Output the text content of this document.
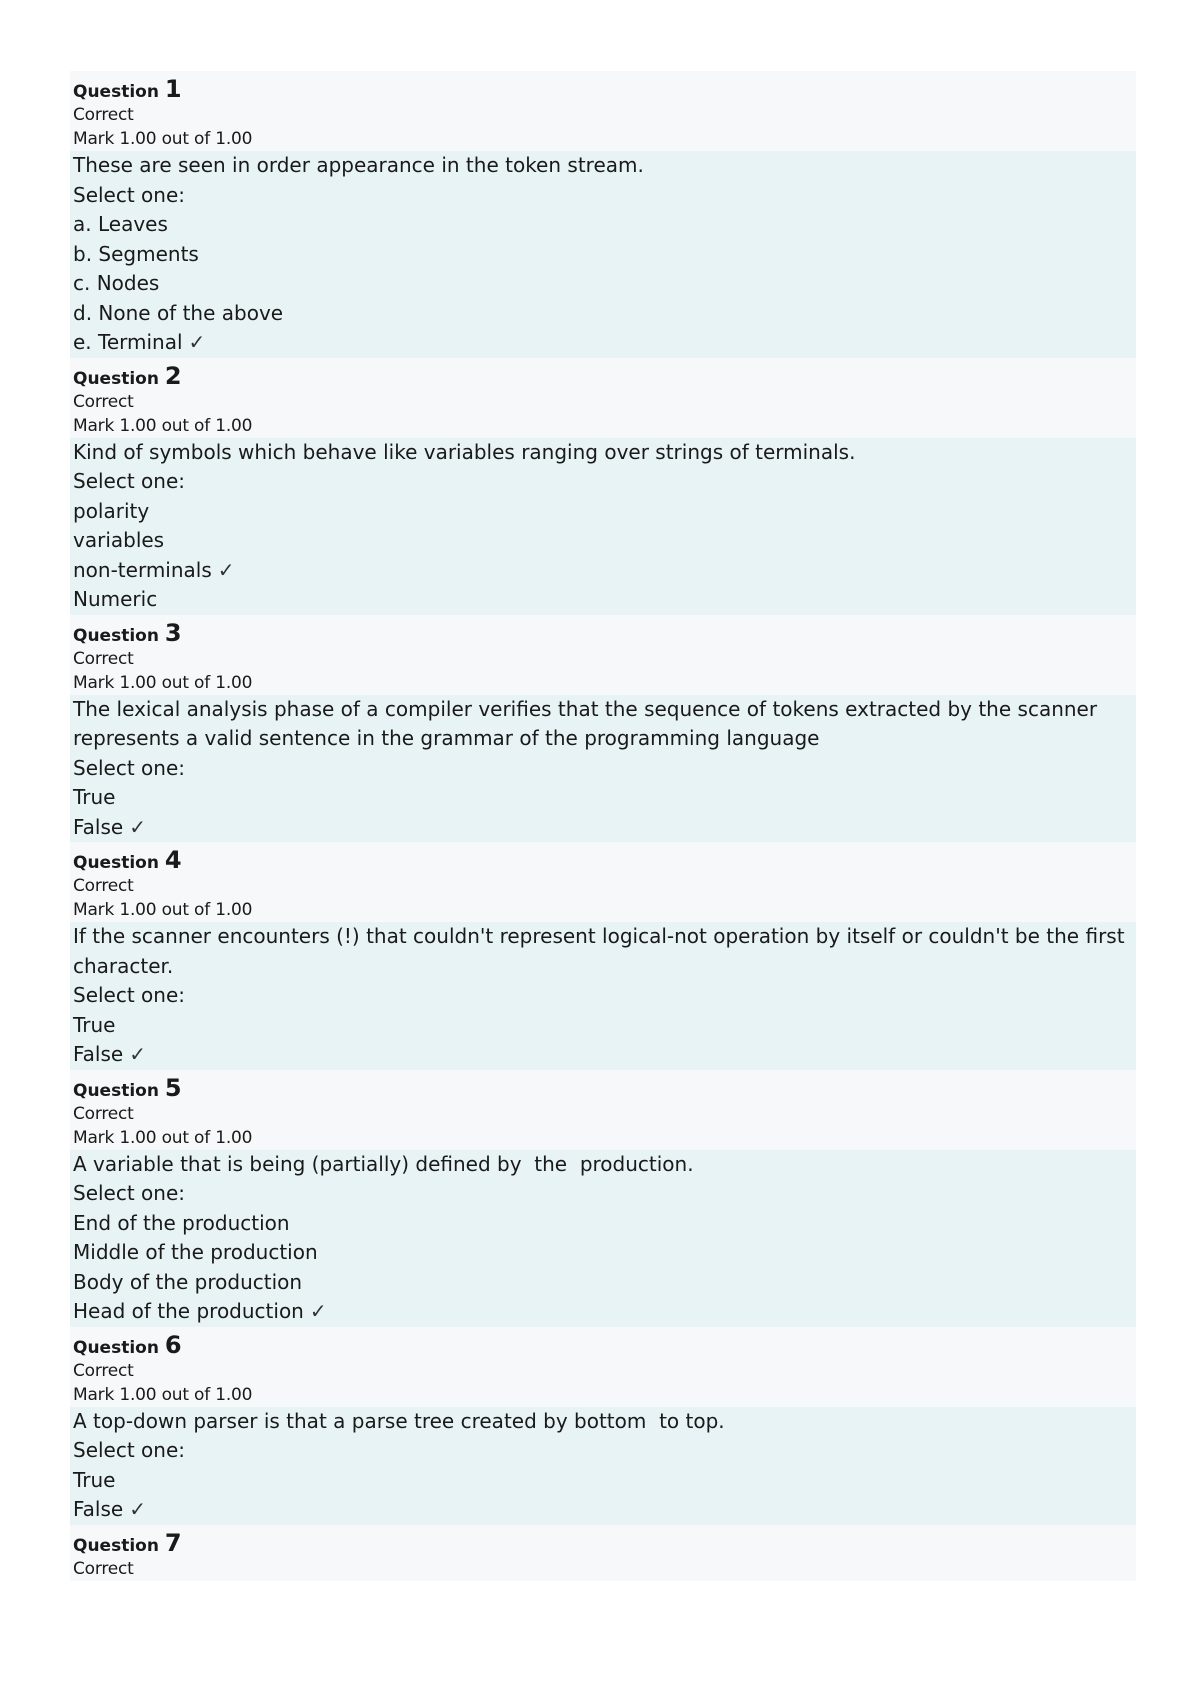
Question 1
Correct
Mark 1.00 out of 1.00
These are seen in order appearance in the token stream.
Select one:
a. Leaves
b. Segments
c. Nodes
d. None of the above
e. Terminal ✓
Question 2
Correct
Mark 1.00 out of 1.00
Kind of symbols which behave like variables ranging over strings of terminals.
Select one:
polarity
variables
non-terminals ✓
Numeric
Question 3
Correct
Mark 1.00 out of 1.00
The lexical analysis phase of a compiler verifies that the sequence of tokens extracted by the scanner represents a valid sentence in the grammar of the programming language
Select one:
True
False ✓
Question 4
Correct
Mark 1.00 out of 1.00
If the scanner encounters (!) that couldn't represent logical-not operation by itself or couldn't be the first character.
Select one:
True
False ✓
Question 5
Correct
Mark 1.00 out of 1.00
A variable that is being (partially) defined by  the  production.
Select one:
End of the production
Middle of the production
Body of the production
Head of the production ✓
Question 6
Correct
Mark 1.00 out of 1.00
A top-down parser is that a parse tree created by bottom  to top.
Select one:
True
False ✓
Question 7
Correct
